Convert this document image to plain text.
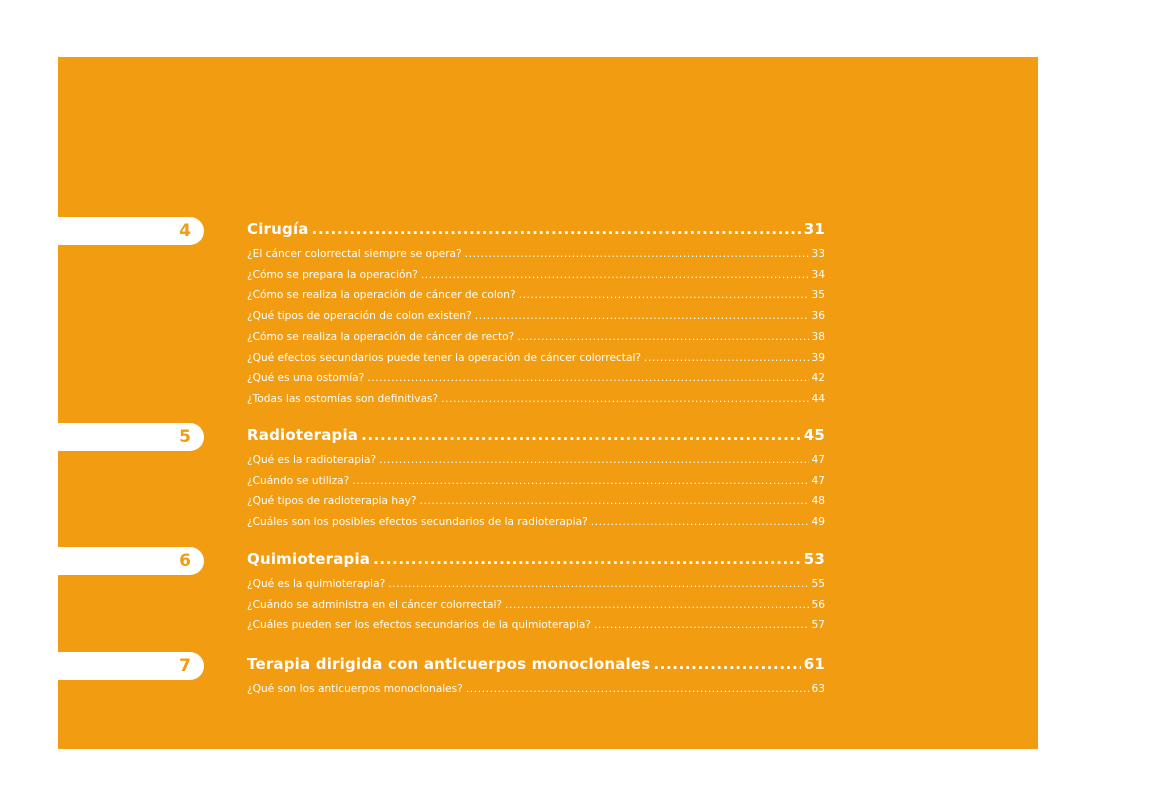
4	Cirugía .....	31
¿El cáncer colorrectal siempre se opera? .....	33
¿Cómo se prepara la operación? .....	34
¿Cómo se realiza la operación de cáncer de colon? .....	35
¿Qué tipos de operación de colon existen? .....	36
¿Cómo se realiza la operación de cáncer de recto? .....	38
¿Qué efectos secundarios puede tener la operación de cáncer colorrectal? .....	39
¿Qué es una ostomía? .....	42
¿Todas las ostomías son definitivas? .....	44
5	Radioterapia .....	45
¿Qué es la radioterapia? .....	47
¿Cuándo se utiliza? .....	47
¿Qué tipos de radioterapia hay? .....	48
¿Cuáles son los posibles efectos secundarios de la radioterapia? .....	49
6	Quimioterapia .....	53
¿Qué es la quimioterapia? .....	55
¿Cuándo se administra en el cáncer colorrectal? .....	56
¿Cuáles pueden ser los efectos secundarios de la quimioterapia? .....	57
7	Terapia dirigida con anticuerpos monoclonales .....	61
¿Qué son los anticuerpos monoclonales? .....	63
